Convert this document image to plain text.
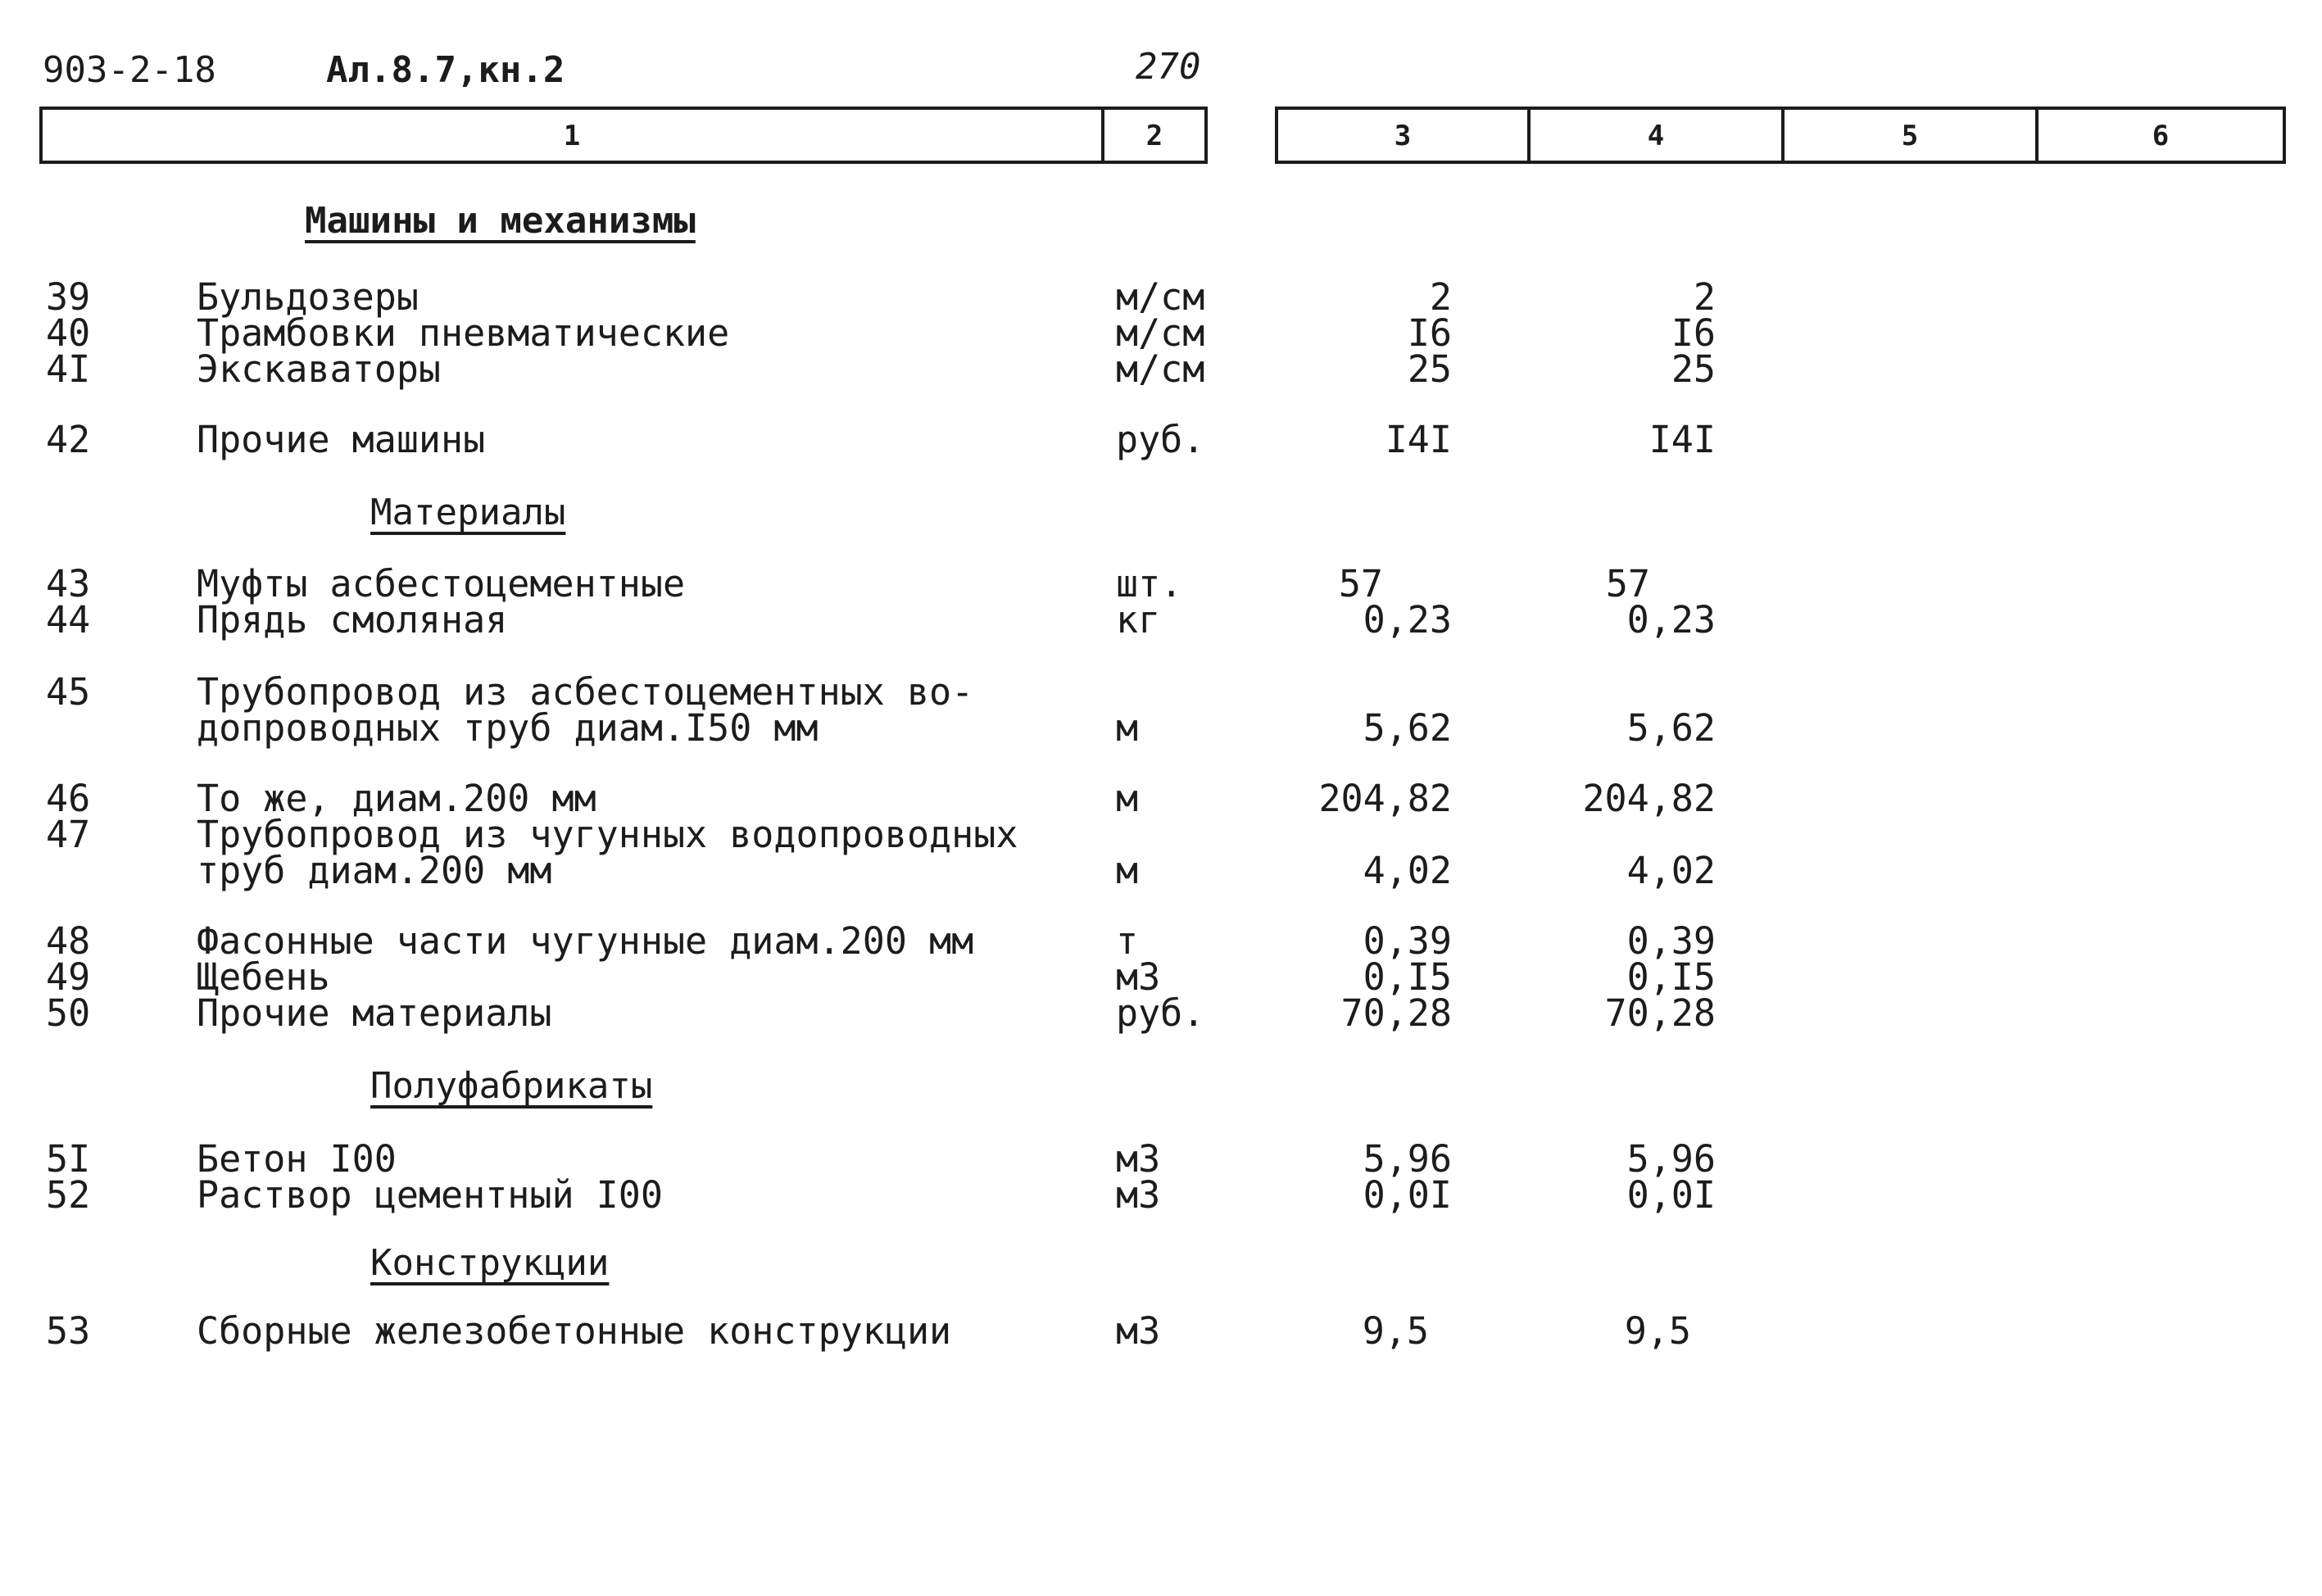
903-2-18	Ал.8.7,кн.2	270
1	2	3	4	5	6
Машины и механизмы
39	Бульдозеры	м/см	2	2
40	Трамбовки пневматические	м/см	I6	I6
4I	Экскаваторы	м/см	25	25
42	Прочие машины	руб.	I4I	I4I
Материалы
43	Муфты асбестоцементные	шт.	57	57
44	Прядь смоляная	кг	0,23	0,23
45	Трубопровод из асбестоцементных во-
допроводных труб диам.I50 мм	м	5,62	5,62
46	То же, диам.200 мм	м	204,82	204,82
47	Трубопровод из чугунных водопроводных
труб диам.200 мм	м	4,02	4,02
48	Фасонные части чугунные диам.200 мм	т	0,39	0,39
49	Щебень	м3	0,I5	0,I5
50	Прочие материалы	руб.	70,28	70,28
Полуфабрикаты
5I	Бетон I00	м3	5,96	5,96
52	Раствор цементный I00	м3	0,0I	0,0I
Конструкции
53	Сборные железобетонные конструкции	м3	9,5	9,5
